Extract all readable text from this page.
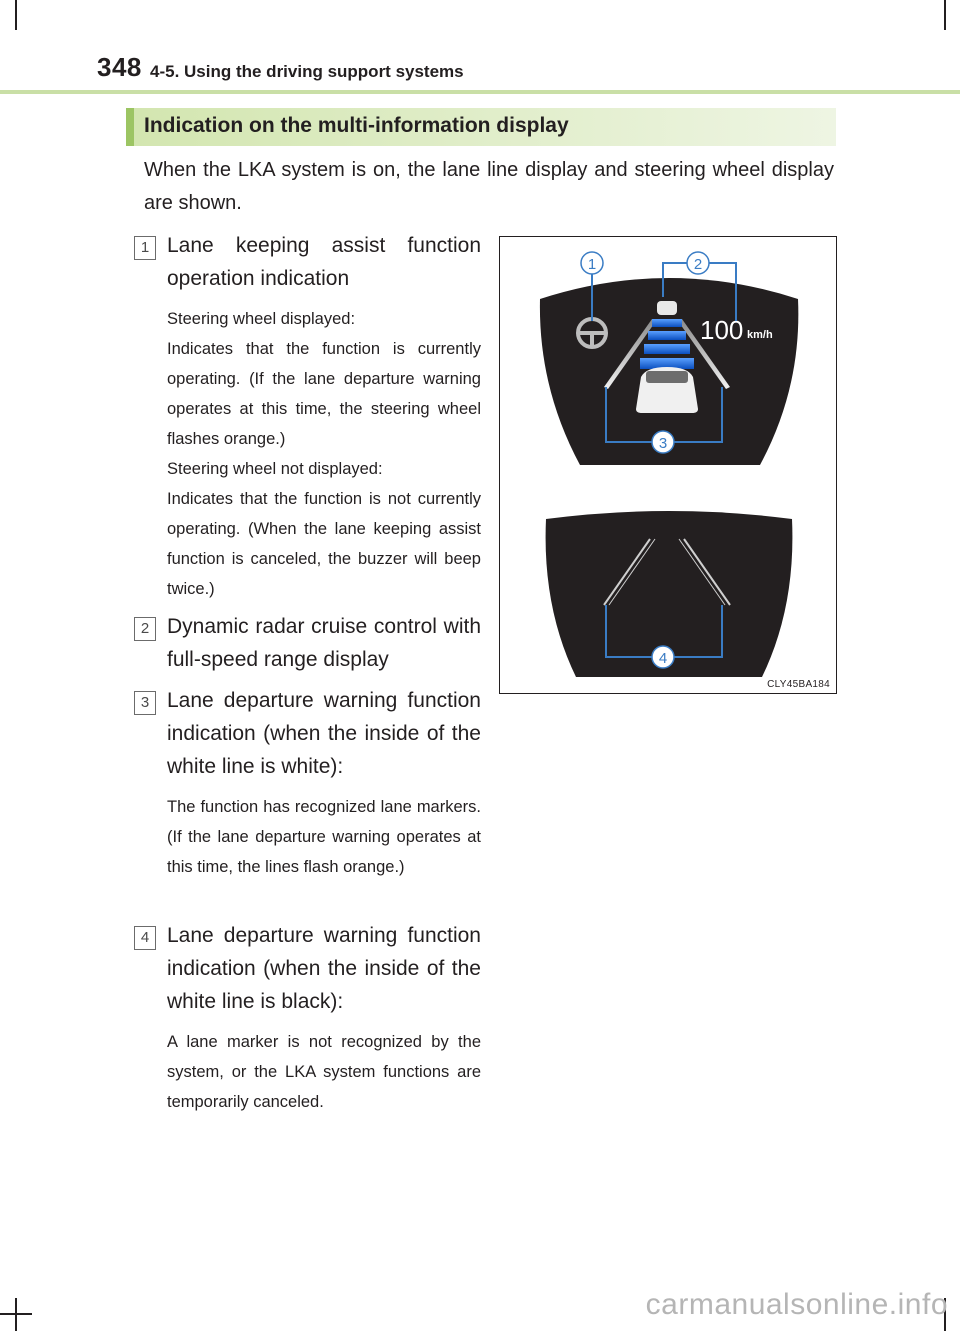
348 4-5. Using the driving support systems
Indication on the multi-information display
When the LKA system is on, the lane line display and steering wheel display are shown.
1 Lane keeping assist function operation indication
Steering wheel displayed:
Indicates that the function is currently operating. (If the lane departure warning operates at this time, the steering wheel flashes orange.)
Steering wheel not displayed:
Indicates that the function is not currently operating. (When the lane keeping assist function is canceled, the buzzer will beep twice.)
2 Dynamic radar cruise control with full-speed range display
3 Lane departure warning function indication (when the inside of the white line is white):
The function has recognized lane markers. (If the lane departure warning operates at this time, the lines flash orange.)
4 Lane departure warning function indication (when the inside of the white line is black):
A lane marker is not recognized by the system, or the LKA system functions are temporarily canceled.
100 km/h
1	2
3
4
CLY45BA184
carmanualsonline.info
